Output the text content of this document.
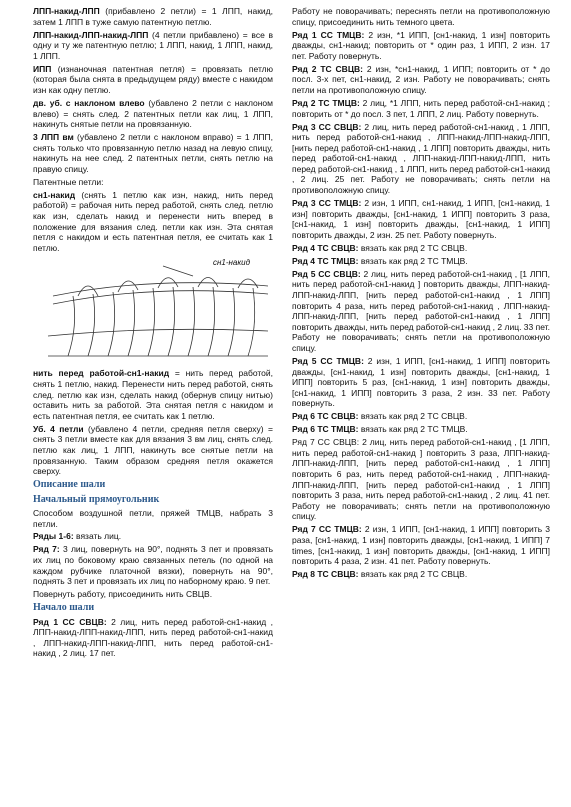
ЛПП-накид-ЛПП (прибавлено 2 петли) = 1 ЛПП, накид, затем 1 ЛПП в туже самую патентную петлю.

ЛПП-накид-ЛПП-накид-ЛПП (4 петли прибавлено) = все в одну и ту же патентную петлю; 1 ЛПП, накид, 1 ЛПП, накид, 1 ЛПП.

ИПП (изнаночная патентная петля) = провязать петлю (которая была снята в предыдущем ряду) вместе с накидом изн как одну петлю.

дв. уб. с наклоном влево (убавлено 2 петли с наклоном влево) = снять след. 2 патентных петли как лиц, 1 ЛПП, накинуть снятые петли на провязанную.

3 ЛПП вм (убавлено 2 петли с наклоном вправо) = 1 ЛПП, снять только что провязанную петлю назад на левую спицу, накинуть на нее след. 2 патентных петли, снять петлю на правую спицу.

Патентные петли:

сн1-накид (снять 1 петлю как изн, накид, нить перед работой) = рабочая нить перед работой, снять след. петлю как изн, сделать накид и перенести нить вперед в положение для вязания след. петли как изн. Эта снятая петля с накидом и есть патентная петля, ее считать как 1 петлю.

сн1-накид

нить перед работой-сн1-накид = нить перед работой, снять 1 петлю, накид. Перенести нить перед работой, снять след. петлю как изн, сделать накид (обернув спицу нитью) оставить нить за работой. Эта снятая петля с накидом и есть патентная петля, ее считать как 1 петлю.

Уб. 4 петли (убавлено 4 петли, средняя петля сверху) = снять 3 петли вместе как для вязания 3 вм лиц, снять след. петлю как лиц, 1 ЛПП, накинуть все снятые петли на провязанную. Таким образом средняя петля окажется сверху.

Описание шали

Начальный прямоугольник

Способом воздушной петли, пряжей ТМЦВ, набрать 3 петли.

Ряды 1-6: вязать лиц.

Ряд 7: 3 лиц, повернуть на 90°, поднять 3 пет и провязать их лиц по боковому краю связанных петель (по одной на каждом рубчике платочной вязки), повернуть на 90°, поднять 3 пет и провязать их лиц по наборному краю. 9 пет.

Повернуть работу, присоединить нить СВЦВ.

Начало шали

Ряд 1 СС СВЦВ: 2 лиц, нить перед работой-сн1-накид , ЛПП-накид-ЛПП-накид-ЛПП, нить перед работой-сн1-накид , ЛПП-накид-ЛПП-накид-ЛПП, нить перед работой-сн1-накид , 2 лиц. 17 пет.

Работу не поворачивать; переснять петли на противоположную спицу, присоединить нить темного цвета.

Ряд 1 СС ТМЦВ: 2 изн, *1 ИПП, [сн1-накид, 1 изн] повторить дважды, сн1-накид; повторить от * один раз, 1 ИПП, 2 изн. 17 пет. Работу повернуть.

Ряд 2 ТС СВЦВ: 2 изн, *сн1-накид, 1 ИПП; повторить от * до посл. 3-х пет, сн1-накид, 2 изн. Работу не поворачивать; снять петли на противоположную спицу.

Ряд 2 ТС ТМЦВ: 2 лиц, *1 ЛПП, нить перед работой-сн1-накид ; повторить от * до посл. 3 пет, 1 ЛПП, 2 лиц. Работу повернуть.

Ряд 3 СС СВЦВ: 2 лиц, нить перед работой-сн1-накид , 1 ЛПП, нить перед работой-сн1-накид , ЛПП-накид-ЛПП-накид-ЛПП, [нить перед работой-сн1-накид , 1 ЛПП] повторить дважды, нить перед работой-сн1-накид , ЛПП-накид-ЛПП-накид-ЛПП, нить перед работой-сн1-накид , 1 ЛПП, нить перед работой-сн1-накид , 2 лиц. 25 пет. Работу не поворачивать; снять петли на противоположную спицу.

Ряд 3 СС ТМЦВ: 2 изн, 1 ИПП, сн1-накид, 1 ИПП, [сн1-накид, 1 изн] повторить дважды, [сн1-накид, 1 ИПП] повторить 3 раза, [сн1-накид, 1 изн] повторить дважды, [сн1-накид, 1 ИПП] повторить дважды, 2 изн. 25 пет. Работу повернуть.

Ряд 4 ТС СВЦВ: вязать как ряд 2 ТС СВЦВ.

Ряд 4 ТС ТМЦВ: вязать как ряд 2 ТС ТМЦВ.

Ряд 5 СС СВЦВ: 2 лиц, нить перед работой-сн1-накид , [1 ЛПП, нить перед работой-сн1-накид ] повторить дважды, ЛПП-накид-ЛПП-накид-ЛПП, [нить перед работой-сн1-накид , 1 ЛПП] повторить 4 раза, нить перед работой-сн1-накид , ЛПП-накид-ЛПП-накид-ЛПП, [нить перед работой-сн1-накид , 1 ЛПП] повторить дважды, нить перед работой-сн1-накид , 2 лиц. 33 пет. Работу не поворачивать; снять петли на противоположную спицу.

Ряд 5 СС ТМЦВ: 2 изн, 1 ИПП, [сн1-накид, 1 ИПП] повторить дважды, [сн1-накид, 1 изн] повторить дважды, [сн1-накид, 1 ИПП] повторить 5 раз, [сн1-накид, 1 изн] повторить дважды, [сн1-накид, 1 ИПП] повторить 3 раза, 2 изн. 33 пет. Работу повернуть.

Ряд 6 ТС СВЦВ: вязать как ряд 2 ТС СВЦВ.

Ряд 6 ТС ТМЦВ: вязать как ряд 2 ТС ТМЦВ.

Ряд 7 СС СВЦВ: 2 лиц, нить перед работой-сн1-накид , [1 ЛПП, нить перед работой-сн1-накид ] повторить 3 раза, ЛПП-накид-ЛПП-накид-ЛПП, [нить перед работой-сн1-накид , 1 ЛПП] повторить 6 раз, нить перед работой-сн1-накид , ЛПП-накид-ЛПП-накид-ЛПП, [нить перед работой-сн1-накид , 1 ЛПП] повторить 3 раза, нить перед работой-сн1-накид , 2 лиц. 41 пет. Работу не поворачивать; снять петли на противоположную спицу.

Ряд 7 СС ТМЦВ: 2 изн, 1 ИПП, [сн1-накид, 1 ИПП] повторить 3 раза, [сн1-накид, 1 изн] повторить дважды, [сн1-накид, 1 ИПП] 7 times, [сн1-накид, 1 изн] повторить дважды, [сн1-накид, 1 ИПП] повторить 4 раза, 2 изн. 41 пет. Работу повернуть.

Ряд 8 ТС СВЦВ: вязать как ряд 2 ТС СВЦВ.
